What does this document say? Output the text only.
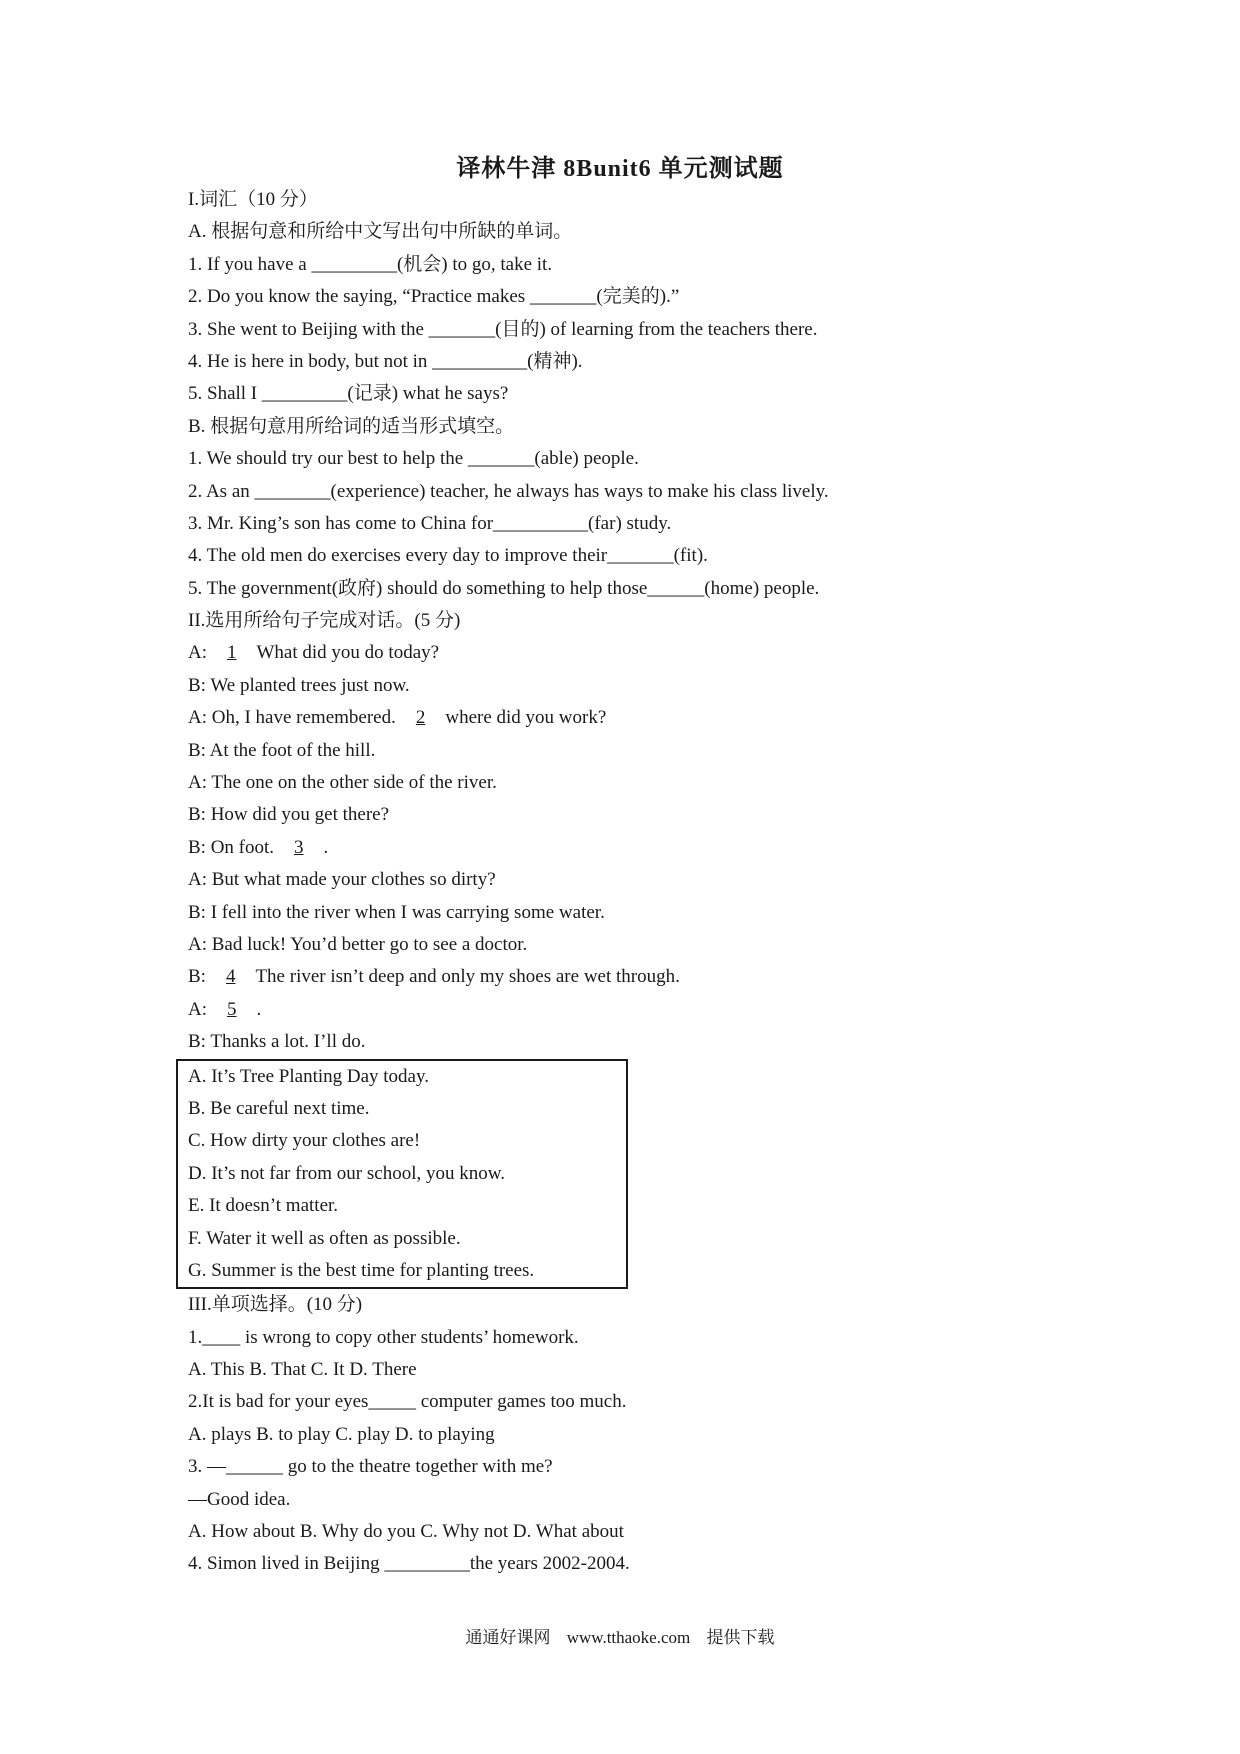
译林牛津 8Bunit6 单元测试题
I.词汇（10 分）
A. 根据句意和所给中文写出句中所缺的单词。
1. If you have a _________(机会) to go, take it.
2. Do you know the saying, “Practice makes _______(完美的).”
3. She went to Beijing with the _______(目的) of learning from the teachers there.
4. He is here in body, but not in __________(精神).
5. Shall I _________(记录) what he says?
B. 根据句意用所给词的适当形式填空。
1. We should try our best to help the _______(able) people.
2. As an ________(experience) teacher, he always has ways to make his class lively.
3. Mr. King’s son has come to China for__________(far) study.
4. The old men do exercises every day to improve their_______(fit).
5. The government(政府) should do something to help those______(home) people.
II.选用所给句子完成对话。(5 分)
A: 1 What did you do today?
B: We planted trees just now.
A: Oh, I have remembered. 2 where did you work?
B: At the foot of the hill.
A: The one on the other side of the river.
B: How did you get there?
B: On foot. 3 .
A: But what made your clothes so dirty?
B: I fell into the river when I was carrying some water.
A: Bad luck! You’d better go to see a doctor.
B: 4 The river isn’t deep and only my shoes are wet through.
A: 5 .
B: Thanks a lot. I’ll do.
A. It’s Tree Planting Day today.
B. Be careful next time.
C. How dirty your clothes are!
D. It’s not far from our school, you know.
E. It doesn’t matter.
F. Water it well as often as possible.
G. Summer is the best time for planting trees.
III.单项选择。(10 分)
1.____ is wrong to copy other students’ homework.
A. This B. That C. It D. There
2.It is bad for your eyes_____ computer games too much.
A. plays B. to play C. play D. to playing
3. —______ go to the theatre together with me?
—Good idea.
A. How about B. Why do you C. Why not D. What about
4. Simon lived in Beijing _________the years 2002-2004.
通通好课网 www.tthaoke.com 提供下载
